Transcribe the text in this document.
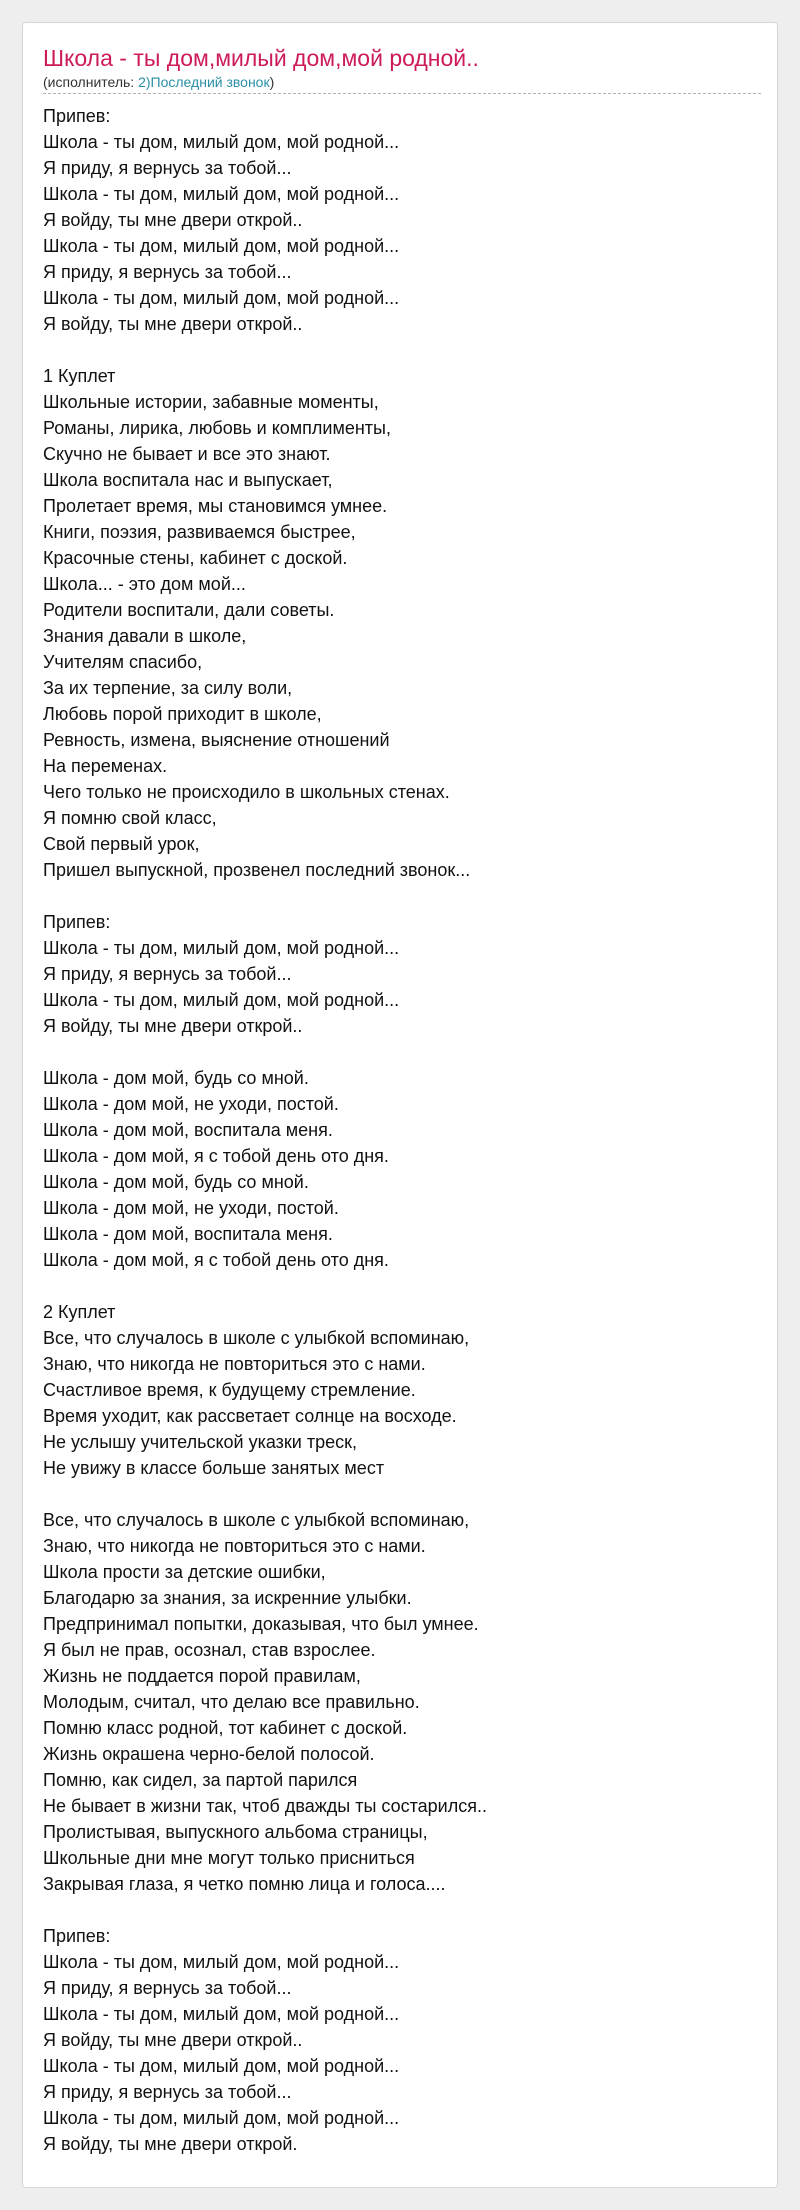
Школа - ты дом,милый дом,мой родной..
(исполнитель: 2)Последний звонок)
Припев:
Школа - ты дом, милый дом, мой родной...
Я приду, я вернусь за тобой...
Школа - ты дом, милый дом, мой родной...
Я войду, ты мне двери открой..
Школа - ты дом, милый дом, мой родной...
Я приду, я вернусь за тобой...
Школа - ты дом, милый дом, мой родной...
Я войду, ты мне двери открой..
1 Куплет
Школьные истории, забавные моменты,
Романы, лирика, любовь и комплименты,
Скучно не бывает и все это знают.
Школа воспитала нас и выпускает,
Пролетает время, мы становимся умнее.
Книги, поэзия, развиваемся быстрее,
Красочные стены, кабинет с доской.
Школа... - это дом мой...
Родители воспитали, дали советы.
Знания давали в школе,
Учителям спасибо,
За их терпение, за силу воли,
Любовь порой приходит в школе,
Ревность, измена, выяснение отношений
На переменах.
Чего только не происходило в школьных стенах.
Я помню свой класс,
Свой первый урок,
Пришел выпускной, прозвенел последний звонок...
Припев:
Школа - ты дом, милый дом, мой родной...
Я приду, я вернусь за тобой...
Школа - ты дом, милый дом, мой родной...
Я войду, ты мне двери открой..
Школа - дом мой, будь со мной.
Школа - дом мой, не уходи, постой.
Школа - дом мой, воспитала меня.
Школа - дом мой, я с тобой день ото дня.
Школа - дом мой, будь со мной.
Школа - дом мой, не уходи, постой.
Школа - дом мой, воспитала меня.
Школа - дом мой, я с тобой день ото дня.
2 Куплет
Все, что случалось в школе с улыбкой вспоминаю,
Знаю, что никогда не повториться это с нами.
Счастливое время, к будущему стремление.
Время уходит, как рассветает солнце на восходе.
Не услышу учительской указки треск,
Не увижу в классе больше занятых мест
Все, что случалось в школе с улыбкой вспоминаю,
Знаю, что никогда не повториться это с нами.
Школа прости за детские ошибки,
Благодарю за знания, за искренние улыбки.
Предпринимал попытки, доказывая, что был умнее.
Я был не прав, осознал, став взрослее.
Жизнь не поддается порой правилам,
Молодым, считал, что делаю все правильно.
Помню класс родной, тот кабинет с доской.
Жизнь окрашена черно-белой полосой.
Помню, как сидел, за партой парился
Не бывает в жизни так, чтоб дважды ты состарился..
Пролистывая, выпускного альбома страницы,
Школьные дни мне могут только присниться
Закрывая глаза, я четко помню лица и голоса....
Припев:
Школа - ты дом, милый дом, мой родной...
Я приду, я вернусь за тобой...
Школа - ты дом, милый дом, мой родной...
Я войду, ты мне двери открой..
Школа - ты дом, милый дом, мой родной...
Я приду, я вернусь за тобой...
Школа - ты дом, милый дом, мой родной...
Я войду, ты мне двери открой.
